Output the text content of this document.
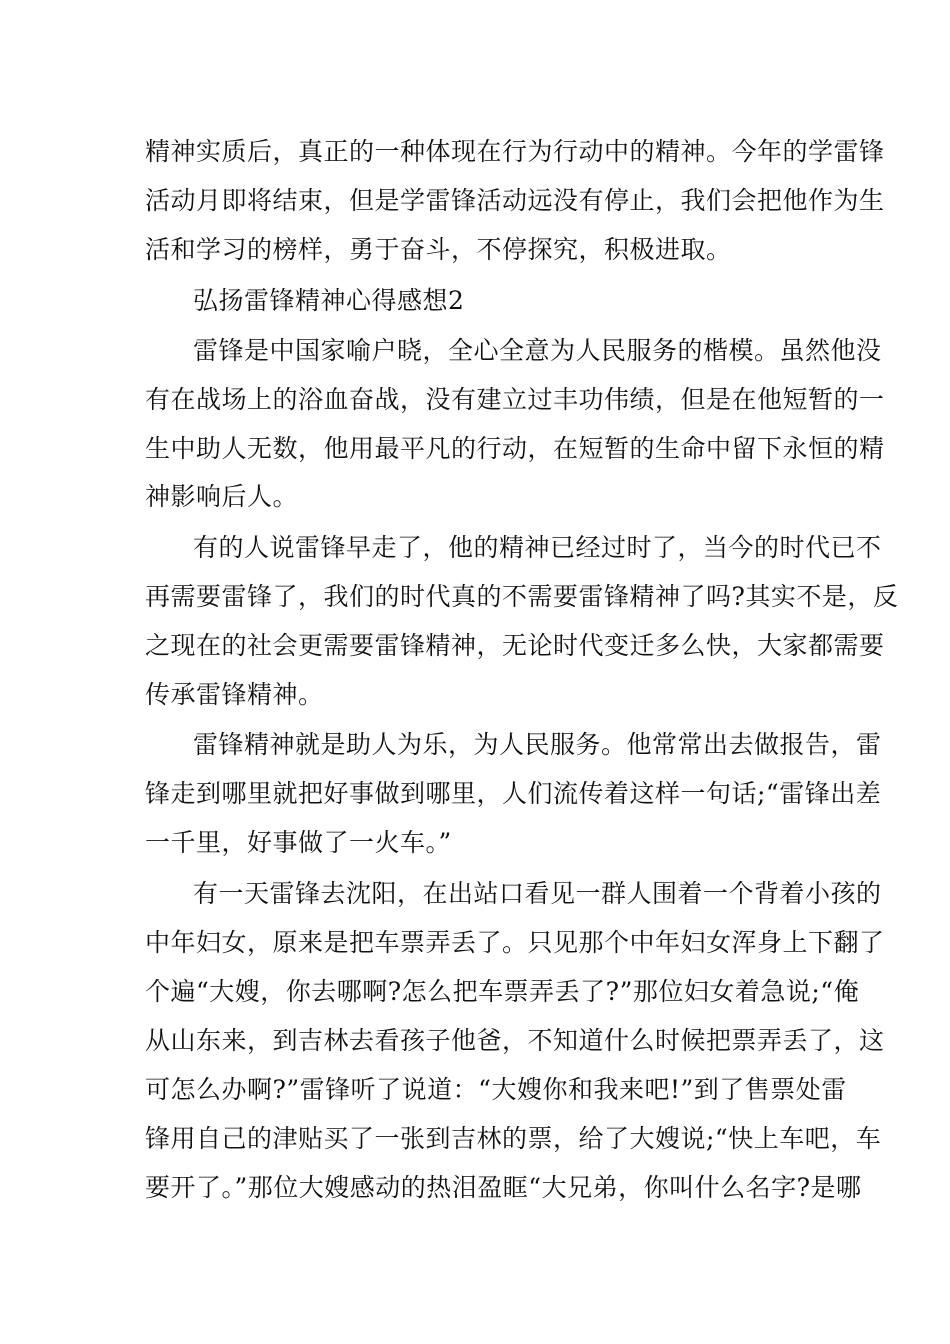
精神实质后，真正的一种体现在行为行动中的精神。今年的学雷锋
活动月即将结束，但是学雷锋活动远没有停止，我们会把他作为生
活和学习的榜样，勇于奋斗，不停探究，积极进取。
弘扬雷锋精神心得感想2
雷锋是中国家喻户晓，全心全意为人民服务的楷模。虽然他没
有在战场上的浴血奋战，没有建立过丰功伟绩，但是在他短暂的一
生中助人无数，他用最平凡的行动，在短暂的生命中留下永恒的精
神影响后人。
有的人说雷锋早走了，他的精神已经过时了，当今的时代已不
再需要雷锋了，我们的时代真的不需要雷锋精神了吗?其实不是，反
之现在的社会更需要雷锋精神，无论时代变迁多么快，大家都需要
传承雷锋精神。
雷锋精神就是助人为乐，为人民服务。他常常出去做报告，雷
锋走到哪里就把好事做到哪里，人们流传着这样一句话;“雷锋出差
一千里，好事做了一火车。”
有一天雷锋去沈阳，在出站口看见一群人围着一个背着小孩的
中年妇女，原来是把车票弄丢了。只见那个中年妇女浑身上下翻了
个遍“大嫂，你去哪啊?怎么把车票弄丢了?”那位妇女着急说;“俺
从山东来，到吉林去看孩子他爸，不知道什么时候把票弄丢了，这
可怎么办啊?”雷锋听了说道：“大嫂你和我来吧!”到了售票处雷
锋用自己的津贴买了一张到吉林的票，给了大嫂说;“快上车吧，车
要开了。”那位大嫂感动的热泪盈眶“大兄弟，你叫什么名字?是哪
